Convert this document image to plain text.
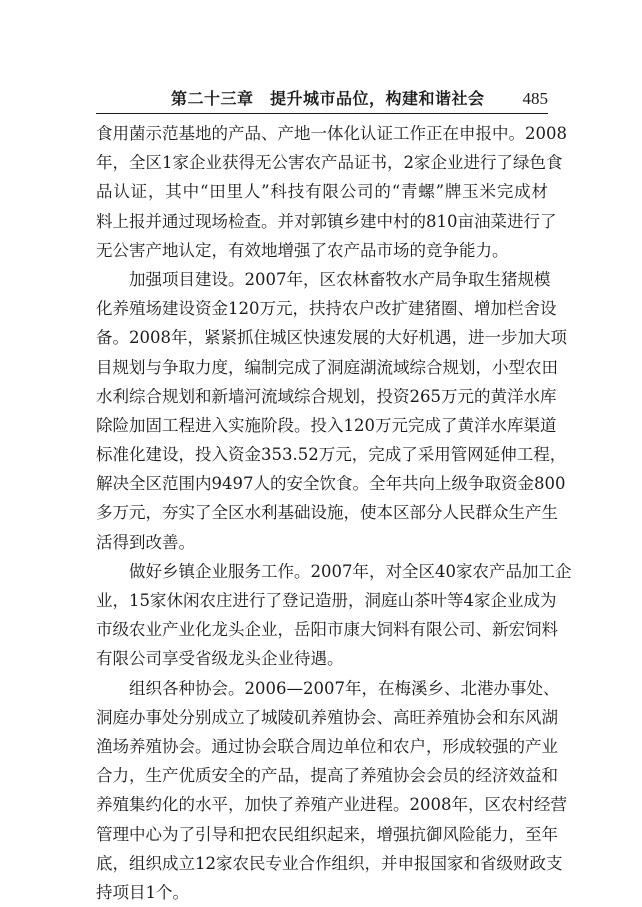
第二十三章　提升城市品位，构建和谐社会 485
食用菌示范基地的产品、产地一体化认证工作正在申报中。2008
年，全区1家企业获得无公害农产品证书，2家企业进行了绿色食
品认证，其中“田里人”科技有限公司的“青螺”牌玉米完成材
料上报并通过现场检查。并对郭镇乡建中村的810亩油菜进行了
无公害产地认定，有效地增强了农产品市场的竞争能力。
加强项目建设。2007年，区农林畜牧水产局争取生猪规模
化养殖场建设资金120万元，扶持农户改扩建猪圈、增加栏舍设
备。2008年，紧紧抓住城区快速发展的大好机遇，进一步加大项
目规划与争取力度，编制完成了洞庭湖流域综合规划，小型农田
水利综合规划和新墙河流域综合规划，投资265万元的黄洋水库
除险加固工程进入实施阶段。投入120万元完成了黄洋水库渠道
标准化建设，投入资金353.52万元，完成了采用管网延伸工程，
解决全区范围内9497人的安全饮食。全年共向上级争取资金800
多万元，夯实了全区水利基础设施，使本区部分人民群众生产生
活得到改善。
做好乡镇企业服务工作。2007年，对全区40家农产品加工企
业，15家休闲农庄进行了登记造册，洞庭山茶叶等4家企业成为
市级农业产业化龙头企业，岳阳市康大饲料有限公司、新宏饲料
有限公司享受省级龙头企业待遇。
组织各种协会。2006—2007年，在梅溪乡、北港办事处、
洞庭办事处分别成立了城陵矶养殖协会、高旺养殖协会和东风湖
渔场养殖协会。通过协会联合周边单位和农户，形成较强的产业
合力，生产优质安全的产品，提高了养殖协会会员的经济效益和
养殖集约化的水平，加快了养殖产业进程。2008年，区农村经营
管理中心为了引导和把农民组织起来，增强抗御风险能力，至年
底，组织成立12家农民专业合作组织，并申报国家和省级财政支
持项目1个。
